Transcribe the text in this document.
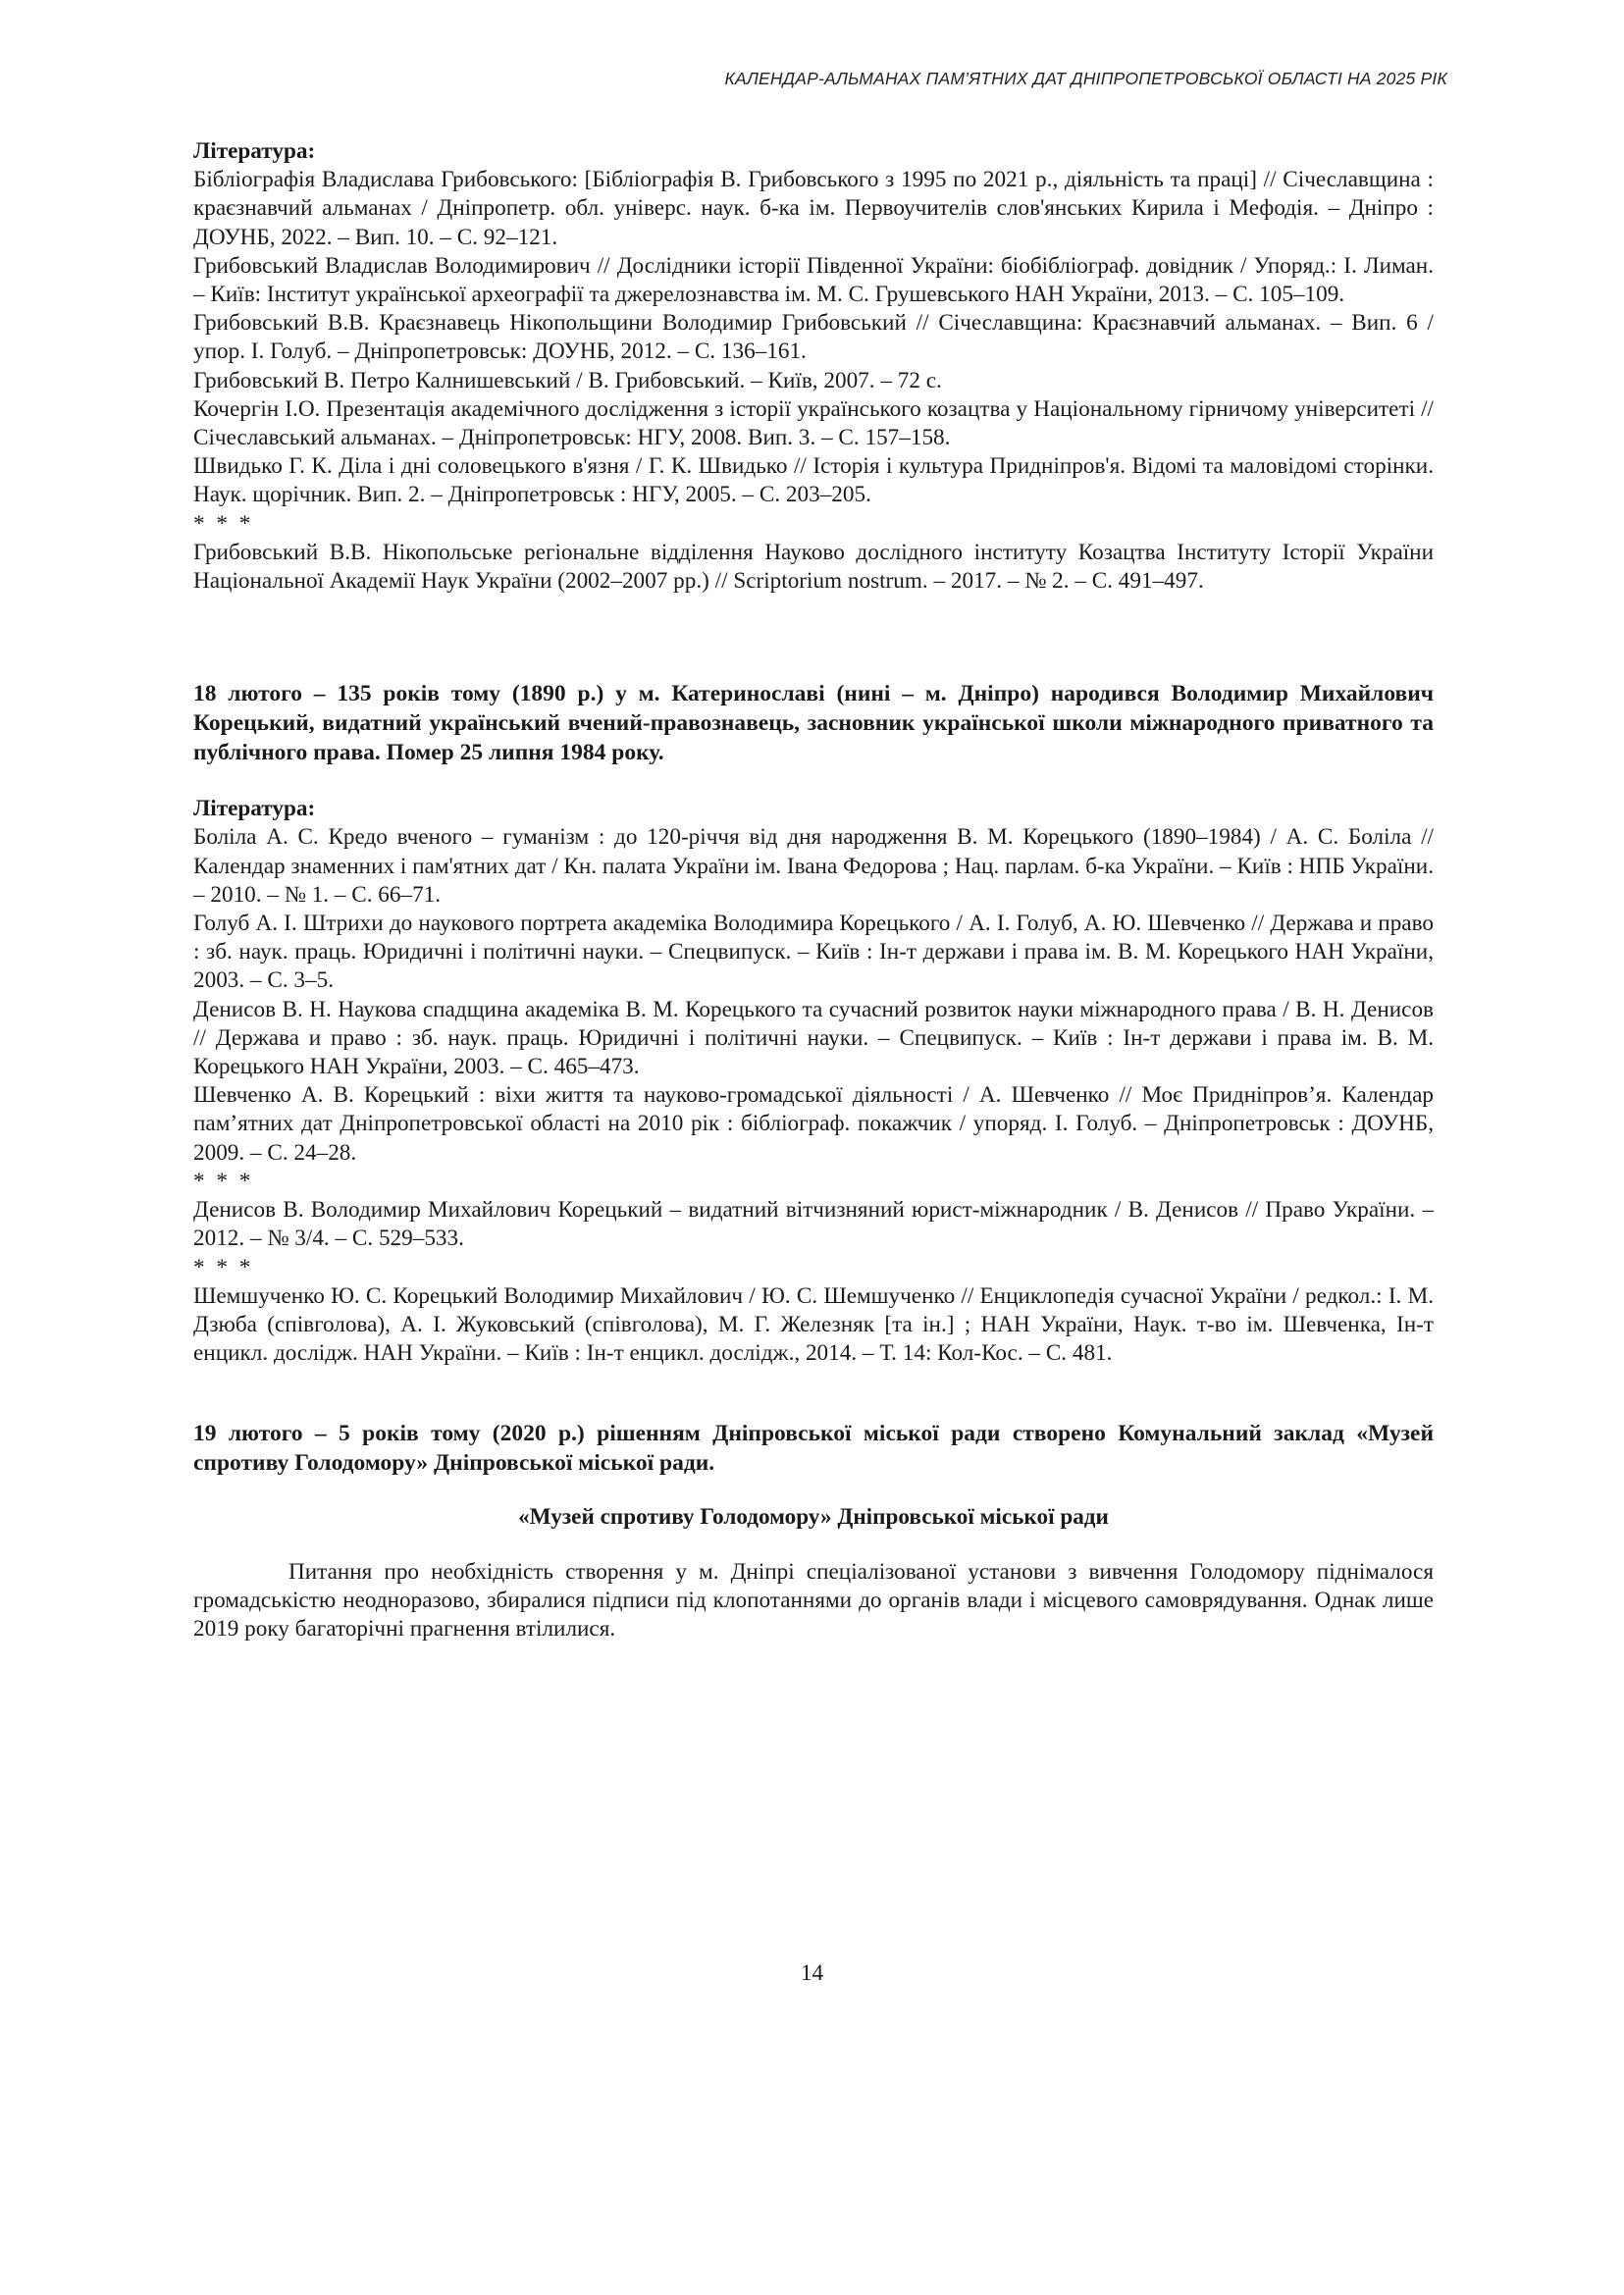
КАЛЕНДАР-АЛЬМАНАХ ПАМ’ЯТНИХ ДАТ ДНІПРОПЕТРОВСЬКОЇ ОБЛАСТІ НА 2025 РІК
Література:

Бібліографія Владислава Грибовського: [Бібліографія В. Грибовського з 1995 по 2021 р., діяльність та праці] // Січеславщина : краєзнавчий альманах / Дніпропетр. обл. універс. наук. б-ка ім. Первоучителів слов'янських Кирила і Мефодія. – Дніпро : ДОУНБ, 2022. – Вип. 10. – С. 92–121.

Грибовський Владислав Володимирович // Дослідники історії Південної України: біобібліограф. довідник / Упоряд.: І. Лиман. – Київ: Інститут української археографії та джерелознавства ім. М. С. Грушевського НАН України, 2013. – С. 105–109.

Грибовський В.В. Краєзнавець Нікопольщини Володимир Грибовський // Січеславщина: Краєзнавчий альманах. – Вип. 6 / упор. І. Голуб. – Дніпропетровськ: ДОУНБ, 2012. – С. 136–161.

Грибовський В. Петро Калнишевський / В. Грибовський. – Київ, 2007. – 72 с.

Кочергін І.О. Презентація академічного дослідження з історії українського козацтва у Національному гірничому університеті // Січеславський альманах. – Дніпропетровськ: НГУ, 2008. Вип. 3. – С. 157–158.

Швидько Г. К. Діла і дні соловецького в'язня / Г. К. Швидько // Історія і культура Придніпров'я. Відомі та маловідомі сторінки. Наук. щорічник. Вип. 2. – Дніпропетровськ : НГУ, 2005. – С. 203–205.

* * *

Грибовський В.В. Нікопольське регіональне відділення Науково дослідного інституту Козацтва Інституту Історії України Національної Академії Наук України (2002–2007 рр.) // Scriptorium nostrum. – 2017. – № 2. – С. 491–497.

18 лютого – 135 років тому (1890 р.) у м. Катеринославі (нині – м. Дніпро) народився Володимир Михайлович Корецький, видатний український вчений-правознавець, засновник української школи міжнародного приватного та публічного права. Помер 25 липня 1984 року.

Література:

Боліла А. С. Кредо вченого – гуманізм : до 120-річчя від дня народження В. М. Корецького (1890–1984) / А. С. Боліла // Календар знаменних і пам'ятних дат / Кн. палата України ім. Івана Федорова ; Нац. парлам. б-ка України. – Київ : НПБ України. – 2010. – № 1. – С. 66–71.

Голуб А. І. Штрихи до наукового портрета академіка Володимира Корецького / А. І. Голуб, А. Ю. Шевченко // Держава и право : зб. наук. праць. Юридичні і політичні науки. – Спецвипуск. – Київ : Ін-т держави і права ім. В. М. Корецького НАН України, 2003. – С. 3–5.

Денисов В. Н. Наукова спадщина академіка В. М. Корецького та сучасний розвиток науки міжнародного права / В. Н. Денисов // Держава и право : зб. наук. праць. Юридичні і політичні науки. – Спецвипуск. – Київ : Ін-т держави і права ім. В. М. Корецького НАН України, 2003. – С. 465–473.

Шевченко А. В. Корецький : віхи життя та науково-громадської діяльності / А. Шевченко // Моє Придніпров’я. Календар пам’ятних дат Дніпропетровської області на 2010 рік : бібліограф. покажчик / упоряд. І. Голуб. – Дніпропетровськ : ДОУНБ, 2009. – С. 24–28.

* * *

Денисов В. Володимир Михайлович Корецький – видатний вітчизняний юрист-міжнародник / В. Денисов // Право України. – 2012. – № 3/4. – С. 529–533.

* * *

Шемшученко Ю. С. Корецький Володимир Михайлович / Ю. С. Шемшученко // Енциклопедія сучасної України / редкол.: І. М. Дзюба (співголова), А. І. Жуковський (співголова), М. Г. Железняк [та ін.] ; НАН України, Наук. т-во ім. Шевченка, Ін-т енцикл. дослідж. НАН України. – Київ : Ін-т енцикл. дослідж., 2014. – Т. 14: Кол-Кос. – С. 481.

19 лютого – 5 років тому (2020 р.) рішенням Дніпровської міської ради створено Комунальний заклад «Музей спротиву Голодомору» Дніпровської міської ради.

«Музей спротиву Голодомору» Дніпровської міської ради

Питання про необхідність створення у м. Дніпрі спеціалізованої установи з вивчення Голодомору піднімалося громадськістю неодноразово, збиралися підписи під клопотаннями до органів влади і місцевого самоврядування. Однак лише 2019 року багаторічні прагнення втілилися.

14
